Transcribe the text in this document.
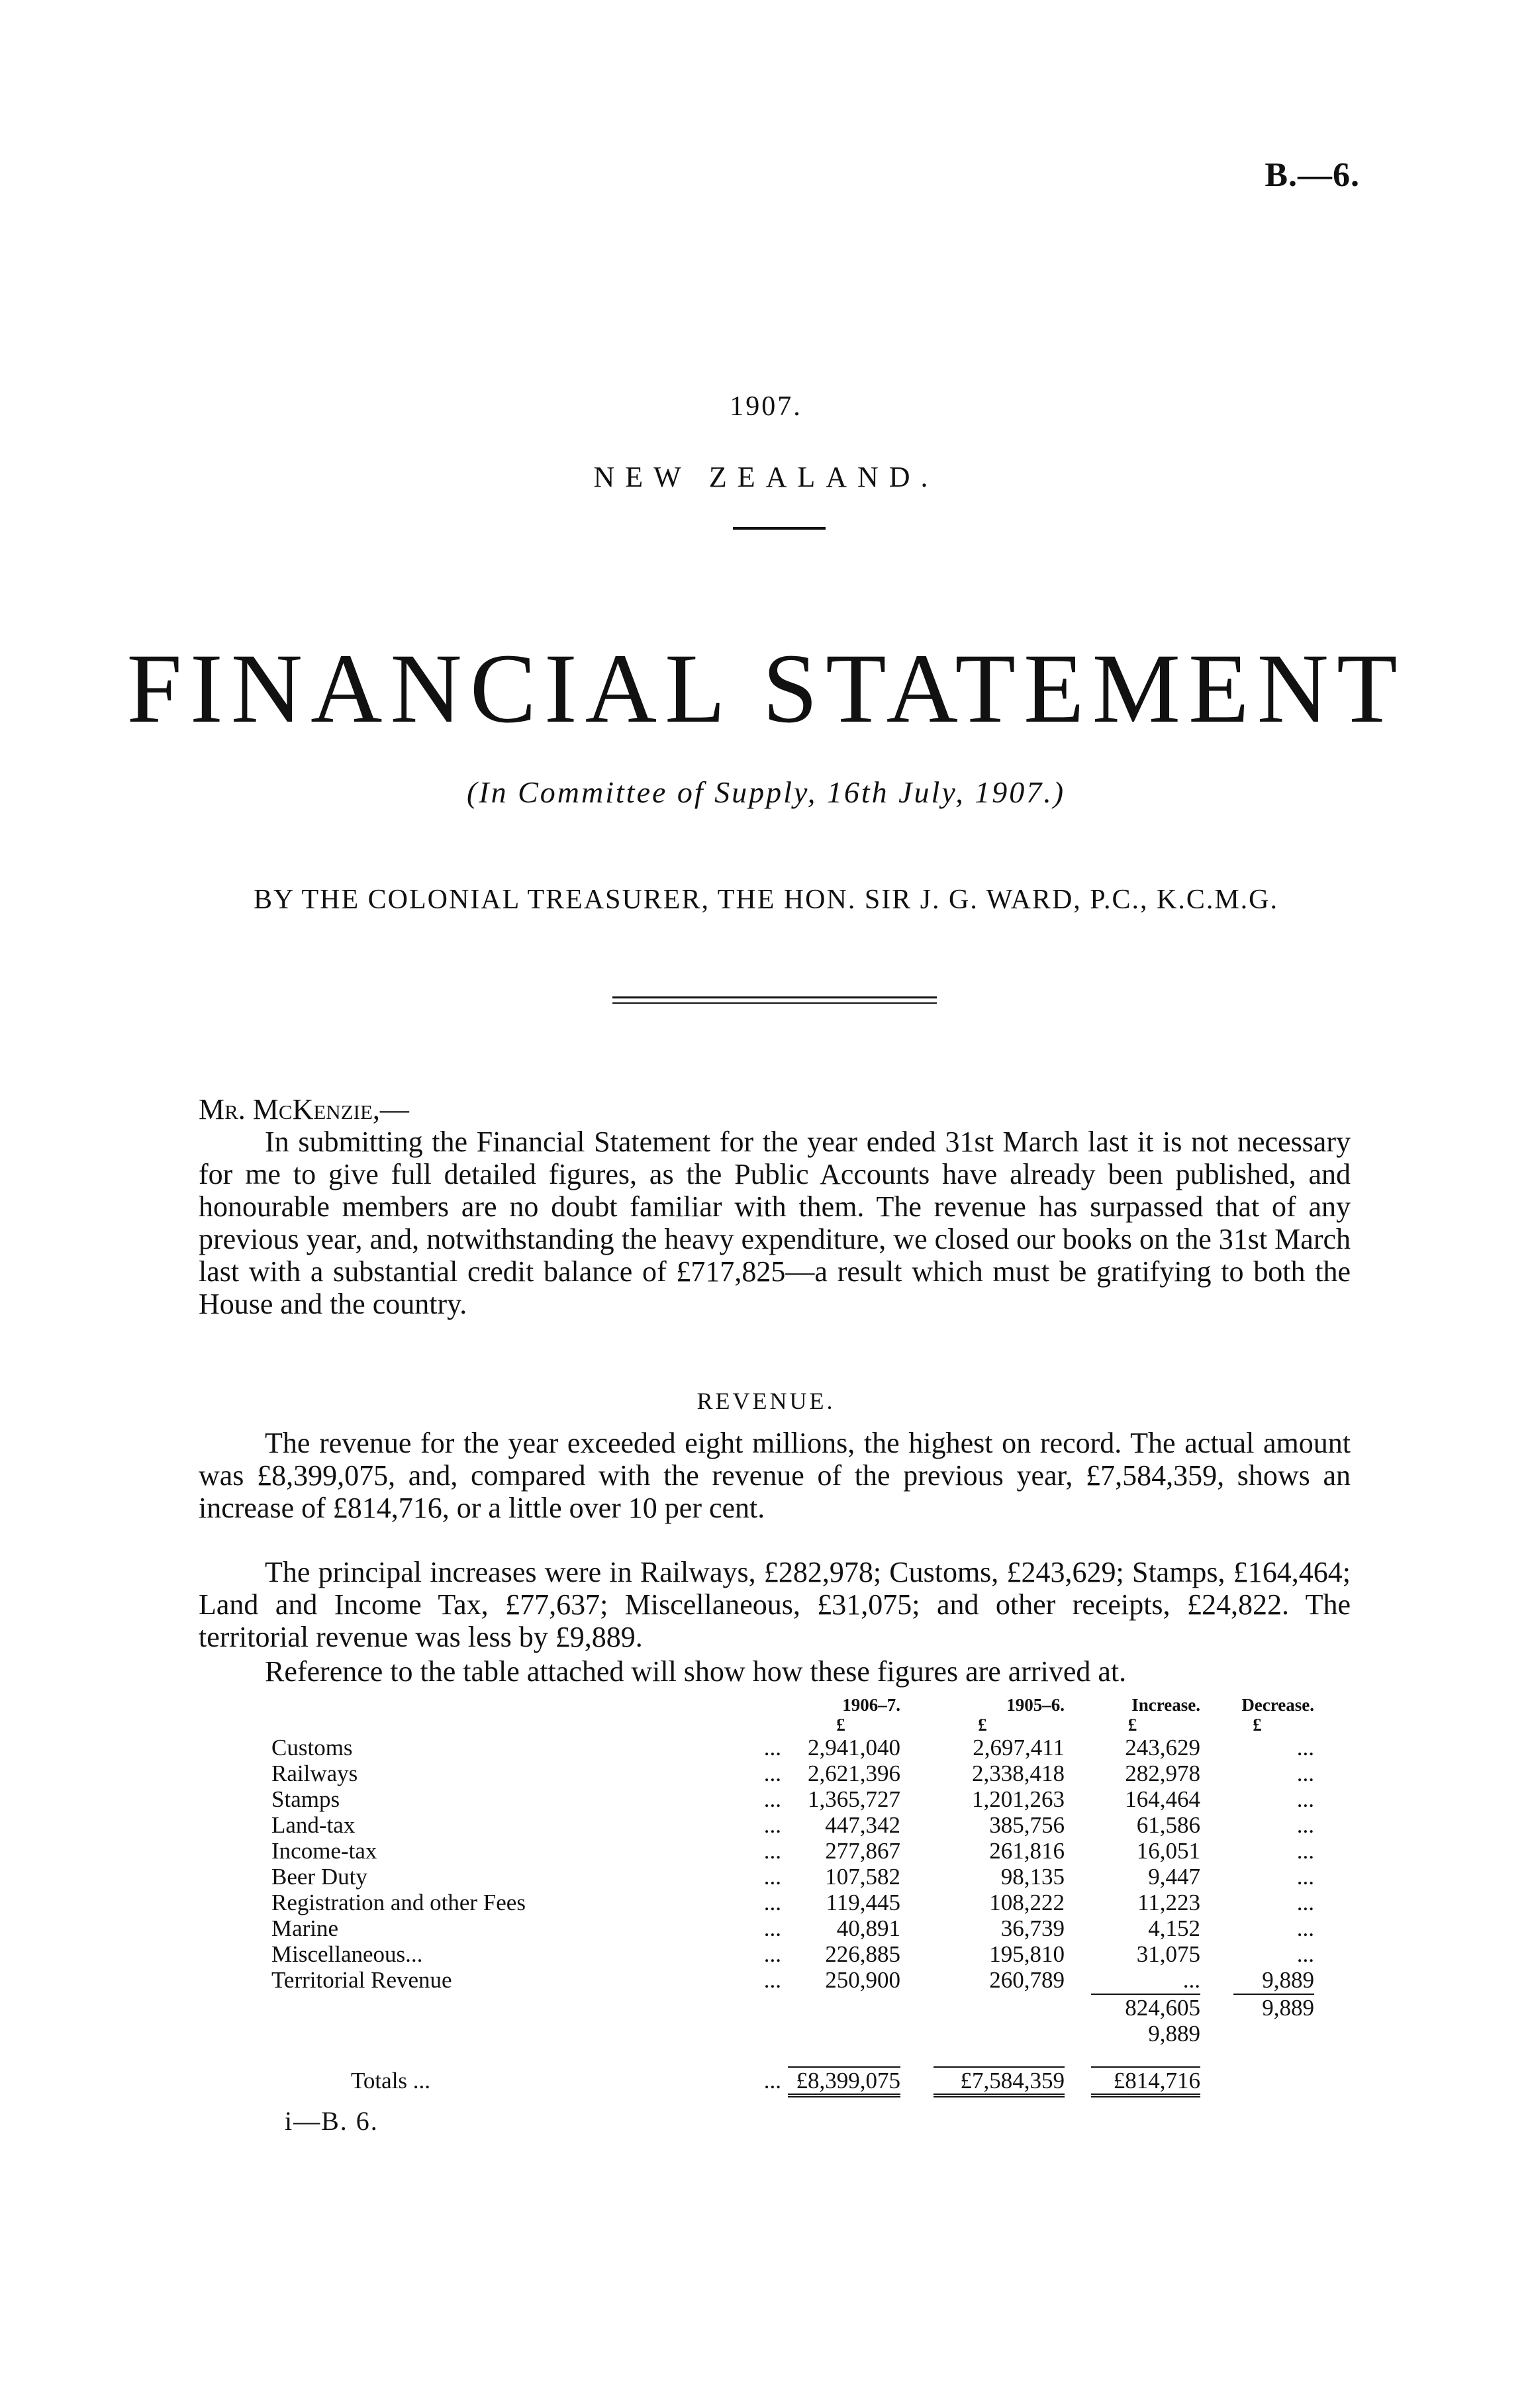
B.—6.
1907.
NEW ZEALAND.
FINANCIAL STATEMENT
(In Committee of Supply, 16th July, 1907.)
BY THE COLONIAL TREASURER, THE HON. SIR J. G. WARD, P.C., K.C.M.G.
Mr. McKenzie,—

In submitting the Financial Statement for the year ended 31st March last it is not necessary for me to give full detailed figures, as the Public Accounts have already been published, and honourable members are no doubt familiar with them. The revenue has surpassed that of any previous year, and, notwithstanding the heavy expenditure, we closed our books on the 31st March last with a substantial credit balance of £717,825—a result which must be gratifying to both the House and the country.

REVENUE.

The revenue for the year exceeded eight millions, the highest on record. The actual amount was £8,399,075, and, compared with the revenue of the previous year, £7,584,359, shows an increase of £814,716, or a little over 10 per cent.

The principal increases were in Railways, £282,978; Customs, £243,629; Stamps, £164,464; Land and Income Tax, £77,637; Miscellaneous, £31,075; and other receipts, £24,822. The territorial revenue was less by £9,889.

Reference to the table attached will show how these figures are arrived at.

		1906–7.	1905–6.	Increase.	Decrease.
		£	£	£	£
Customs	...	2,941,040	2,697,411	243,629	...
Railways	...	2,621,396	2,338,418	282,978	...
Stamps	...	1,365,727	1,201,263	164,464	...
Land-tax	...	447,342	385,756	61,586	...
Income-tax	...	277,867	261,816	16,051	...
Beer Duty	...	107,582	98,135	9,447	...
Registration and other Fees	...	119,445	108,222	11,223	...
Marine	...	40,891	36,739	4,152	...
Miscellaneous...	...	226,885	195,810	31,075	...
Territorial Revenue	...	250,900	260,789	...	9,889

				824,605	9,889
				9,889	

Totals ...	...	£8,399,075	£7,584,359	£814,716	

i—B. 6.
